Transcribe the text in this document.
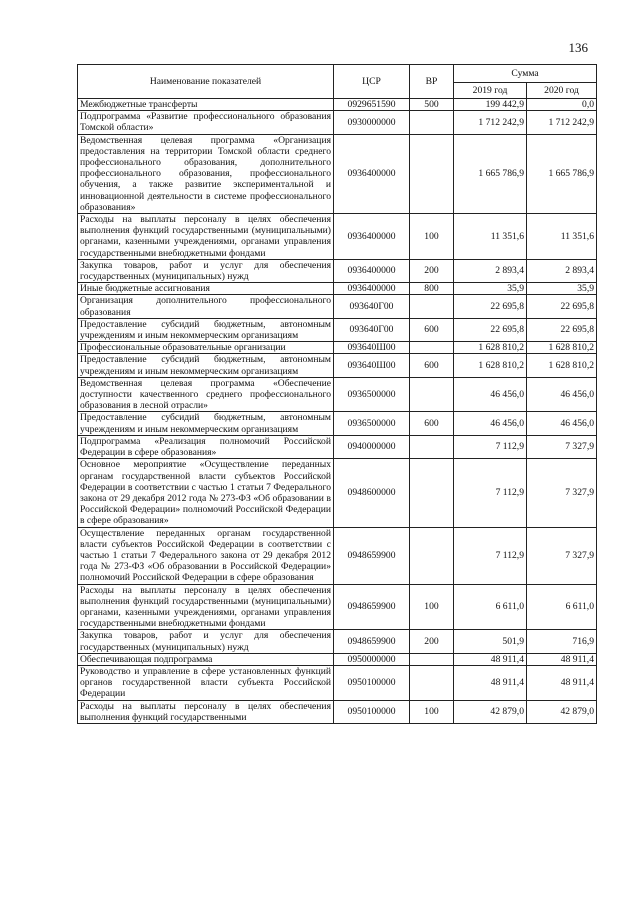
136
Наименование показателей	ЦСР	ВР	Сумма	
			2019 год	2020 год
Межбюджетные трансферты	0929651590	500	199 442,9	0,0
Подпрограмма «Развитие профессионального образования Томской области»	0930000000		1 712 242,9	1 712 242,9
Ведомственная целевая программа «Организация предоставления на территории Томской области среднего профессионального образования, дополнительного профессионального образования, профессионального обучения, а также развитие экспериментальной и инновационной деятельности в системе профессионального образования»	0936400000		1 665 786,9	1 665 786,9
Расходы на выплаты персоналу в целях обеспечения выполнения функций государственными (муниципальными) органами, казенными учреждениями, органами управления государственными внебюджетными фондами	0936400000	100	11 351,6	11 351,6
Закупка товаров, работ и услуг для обеспечения государственных (муниципальных) нужд	0936400000	200	2 893,4	2 893,4
Иные бюджетные ассигнования	0936400000	800	35,9	35,9
Организация дополнительного профессионального образования	093640Г00		22 695,8	22 695,8
Предоставление субсидий бюджетным, автономным учреждениям и иным некоммерческим организациям	093640Г00	600	22 695,8	22 695,8
Профессиональные образовательные организации	093640Ш00		1 628 810,2	1 628 810,2
Предоставление субсидий бюджетным, автономным учреждениям и иным некоммерческим организациям	093640Ш00	600	1 628 810,2	1 628 810,2
Ведомственная целевая программа «Обеспечение доступности качественного среднего профессионального образования в лесной отрасли»	0936500000		46 456,0	46 456,0
Предоставление субсидий бюджетным, автономным учреждениям и иным некоммерческим организациям	0936500000	600	46 456,0	46 456,0
Подпрограмма «Реализация полномочий Российской Федерации в сфере образования»	0940000000		7 112,9	7 327,9
Основное мероприятие «Осуществление переданных органам государственной власти субъектов Российской Федерации в соответствии с частью 1 статьи 7 Федерального закона от 29 декабря 2012 года № 273-ФЗ «Об образовании в Российской Федерации» полномочий Российской Федерации в сфере образования»	0948600000		7 112,9	7 327,9
Осуществление переданных органам государственной власти субъектов Российской Федерации в соответствии с частью 1 статьи 7 Федерального закона от 29 декабря 2012 года № 273-ФЗ «Об образовании в Российской Федерации» полномочий Российской Федерации в сфере образования	0948659900		7 112,9	7 327,9
Расходы на выплаты персоналу в целях обеспечения выполнения функций государственными (муниципальными) органами, казенными учреждениями, органами управления государственными внебюджетными фондами	0948659900	100	6 611,0	6 611,0
Закупка товаров, работ и услуг для обеспечения государственных (муниципальных) нужд	0948659900	200	501,9	716,9
Обеспечивающая подпрограмма	0950000000		48 911,4	48 911,4
Руководство и управление в сфере установленных функций органов государственной власти субъекта Российской Федерации	0950100000		48 911,4	48 911,4
Расходы на выплаты персоналу в целях обеспечения выполнения функций государственными	0950100000	100	42 879,0	42 879,0
